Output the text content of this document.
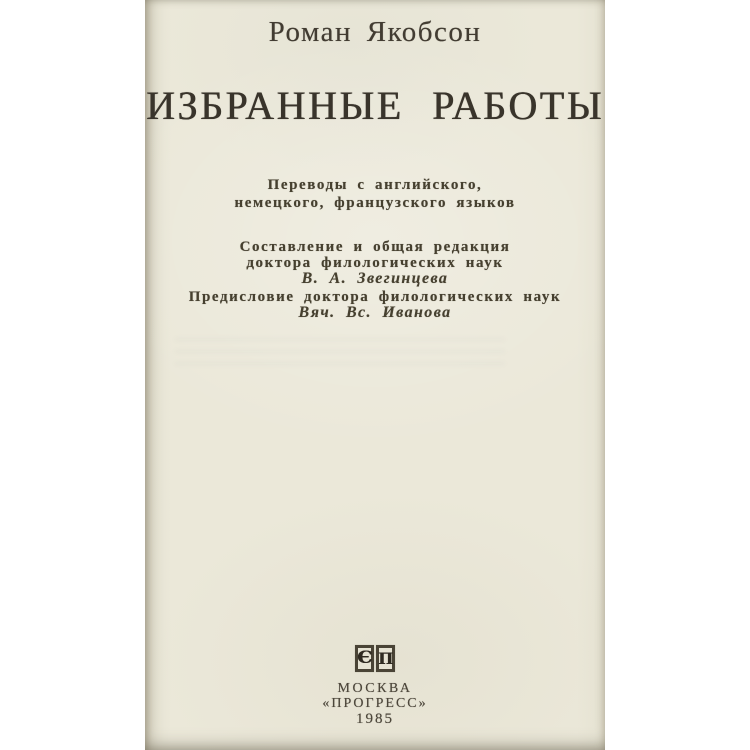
Роман Якобсон
ИЗБРАННЫЕ РАБОТЫ
Переводы с английского,
немецкого, французского языков
Составление и общая редакция
доктора филологических наук
В. А. Звегинцева
Предисловие доктора филологических наук
Вяч. Вс. Иванова
Є П
МОСКВА
«ПРОГРЕСС»
1985
